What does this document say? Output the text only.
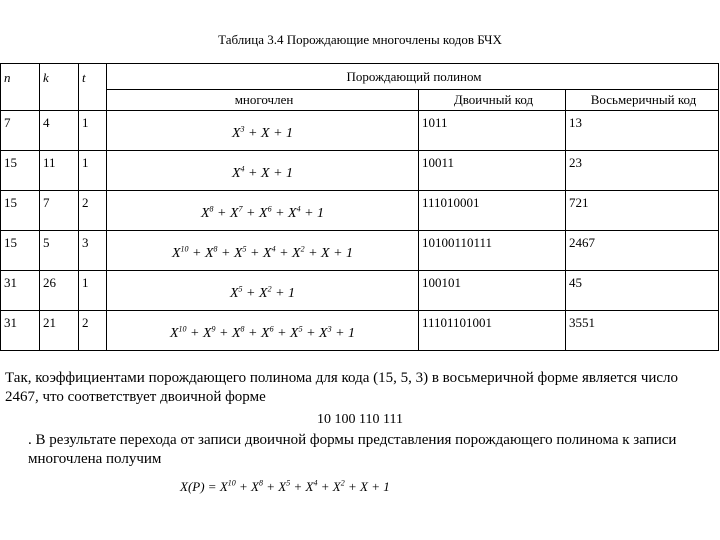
Таблица 3.4 Порождающие многочлены кодов БЧХ
n	k	t	Порождающий полином		
			многочлен	Двоичный код	Восьмеричный код
7	4	1	$X^3 + X + 1$	1011	13
15	11	1	$X^4 + X + 1$	10011	23
15	7	2	$X^8 + X^7 + X^6 + X^4 + 1$	111010001	721
15	5	3	$X^{10} + X^8 + X^5 + X^4 + X^2 + X + 1$	10100110111	2467
31	26	1	$X^5 + X^2 + 1$	100101	45
31	21	2	$X^{10} + X^9 + X^8 + X^6 + X^5 + X^3 + 1$	11101101001	3551
Так, коэффициентами порождающего полинома для кода (15, 5, 3) в восьмеричной форме является число 2467, что соответствует двоичной форме
10 100 110 111
. В результате перехода от записи двоичной формы представления порождающего полинома к записи многочлена получим
$X(P) = X^{10} + X^8 + X^5 + X^4 + X^2 + X + 1$
